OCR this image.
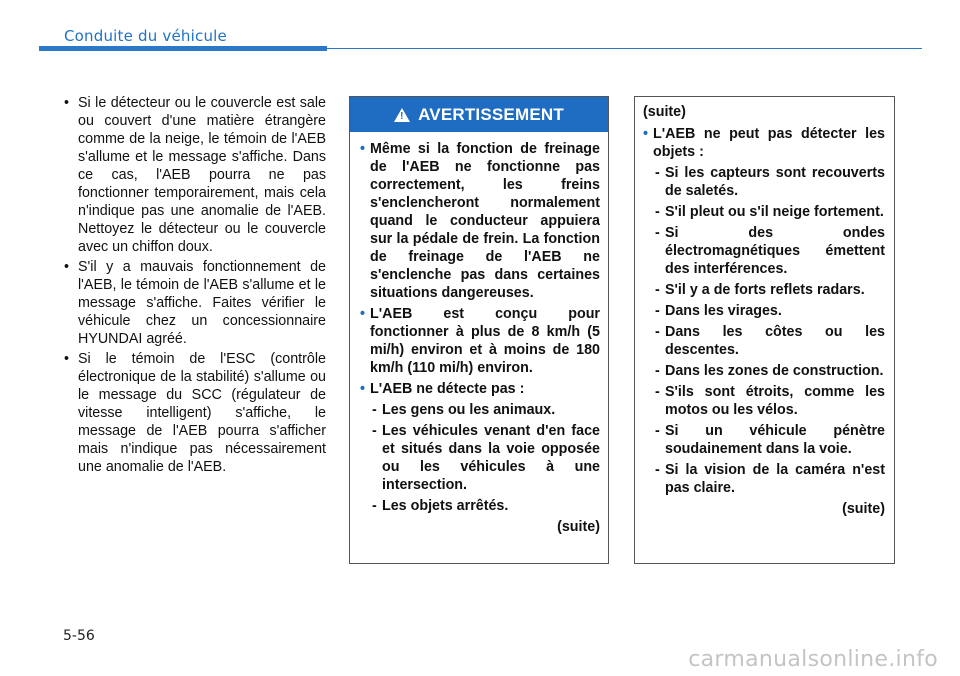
Conduite du véhicule
• Si le détecteur ou le couvercle est sale ou couvert d'une matière étrangère comme de la neige, le témoin de l'AEB s'allume et le message s'affiche. Dans ce cas, l'AEB pourra ne pas fonctionner temporairement, mais cela n'indique pas une anomalie de l'AEB. Nettoyez le détecteur ou le couvercle avec un chiffon doux.
• S'il y a mauvais fonctionnement de l'AEB, le témoin de l'AEB s'allume et le message s'affiche. Faites vérifier le véhicule chez un concessionnaire HYUNDAI agréé.
• Si le témoin de l'ESC (contrôle électronique de la stabilité) s'allume ou le message du SCC (régulateur de vitesse intelligent) s'affiche, le message de l'AEB pourra s'afficher mais n'indique pas nécessairement une anomalie de l'AEB.
! AVERTISSEMENT
• Même si la fonction de freinage de l'AEB ne fonctionne pas correctement, les freins s'enclencheront normalement quand le conducteur appuiera sur la pédale de frein. La fonction de freinage de l'AEB ne s'enclenche pas dans certaines situations dangereuses.
• L'AEB est conçu pour fonctionner à plus de 8 km/h (5 mi/h) environ et à moins de 180 km/h (110 mi/h) environ.
• L'AEB ne détecte pas :
- Les gens ou les animaux.
- Les véhicules venant d'en face et situés dans la voie opposée ou les véhicules à une intersection.
- Les objets arrêtés.
(suite)
(suite)
• L'AEB ne peut pas détecter les objets :
- Si les capteurs sont recouverts de saletés.
- S'il pleut ou s'il neige fortement.
- Si des ondes électromagnétiques émettent des interférences.
- S'il y a de forts reflets radars.
- Dans les virages.
- Dans les côtes ou les descentes.
- Dans les zones de construction.
- S'ils sont étroits, comme les motos ou les vélos.
- Si un véhicule pénètre soudainement dans la voie.
- Si la vision de la caméra n'est pas claire.
(suite)
5-56
carmanualsonline.info
